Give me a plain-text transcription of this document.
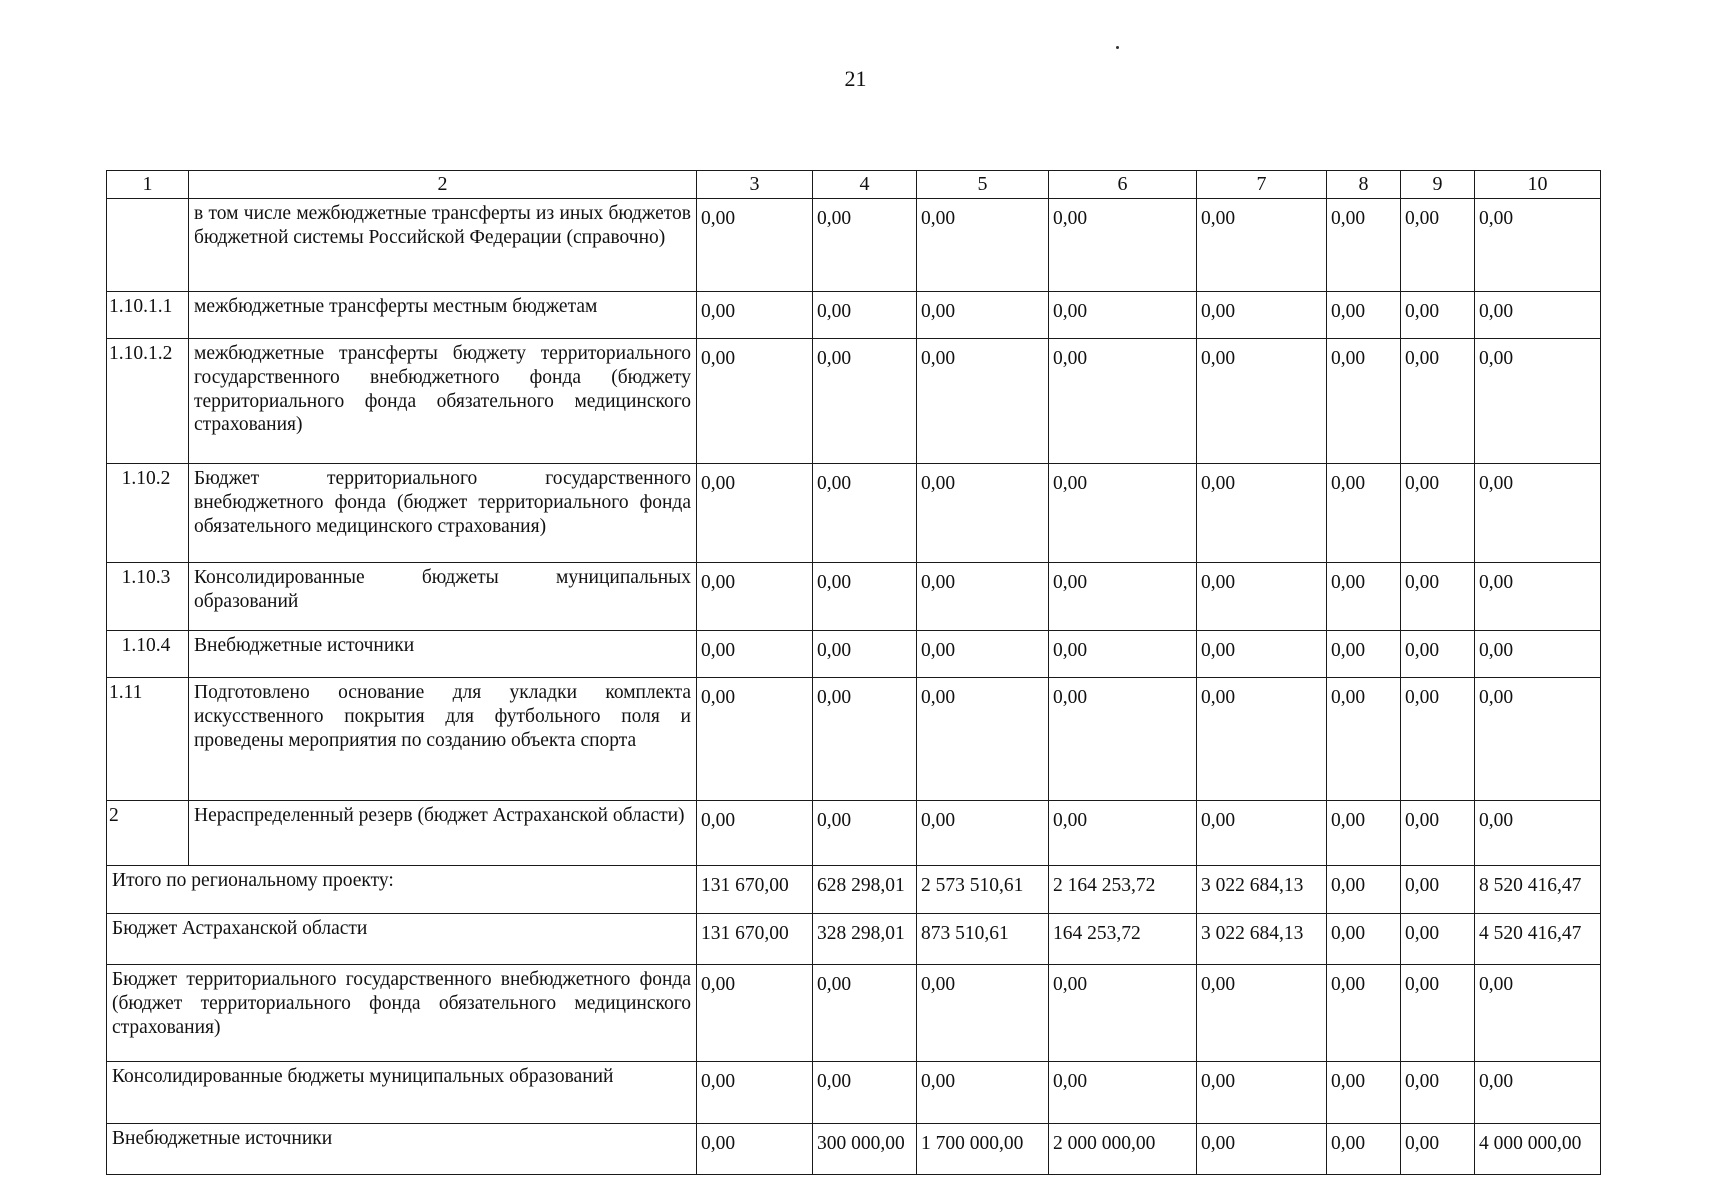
21
1	2	3	4	5	6	7	8	9	10
	в том числе межбюджетные трансферты из иных бюджетов бюджетной системы Российской Федерации (справочно)	0,00	0,00	0,00	0,00	0,00	0,00	0,00	0,00
1.10.1.1	межбюджетные трансферты местным бюджетам	0,00	0,00	0,00	0,00	0,00	0,00	0,00	0,00
1.10.1.2	межбюджетные трансферты бюджету территориального государственного внебюджетного фонда (бюджету территориального фонда обязательного медицинского страхования)	0,00	0,00	0,00	0,00	0,00	0,00	0,00	0,00
1.10.2	Бюджет территориального государственного внебюджетного фонда (бюджет территориального фонда обязательного медицинского страхования)	0,00	0,00	0,00	0,00	0,00	0,00	0,00	0,00
1.10.3	Консолидированные бюджеты муниципальных образований	0,00	0,00	0,00	0,00	0,00	0,00	0,00	0,00
1.10.4	Внебюджетные источники	0,00	0,00	0,00	0,00	0,00	0,00	0,00	0,00
1.11	Подготовлено основание для укладки комплекта искусственного покрытия для футбольного поля и проведены мероприятия по созданию объекта спорта	0,00	0,00	0,00	0,00	0,00	0,00	0,00	0,00
2	Нераспределенный резерв (бюджет Астраханской области)	0,00	0,00	0,00	0,00	0,00	0,00	0,00	0,00
Итого по региональному проекту:		131 670,00	628 298,01	2 573 510,61	2 164 253,72	3 022 684,13	0,00	0,00	8 520 416,47
Бюджет Астраханской области		131 670,00	328 298,01	873 510,61	164 253,72	3 022 684,13	0,00	0,00	4 520 416,47
Бюджет территориального государственного внебюджетного фонда (бюджет территориального фонда обязательного медицинского страхования)		0,00	0,00	0,00	0,00	0,00	0,00	0,00	0,00
Консолидированные бюджеты муниципальных образований		0,00	0,00	0,00	0,00	0,00	0,00	0,00	0,00
Внебюджетные источники		0,00	300 000,00	1 700 000,00	2 000 000,00	0,00	0,00	0,00	4 000 000,00
